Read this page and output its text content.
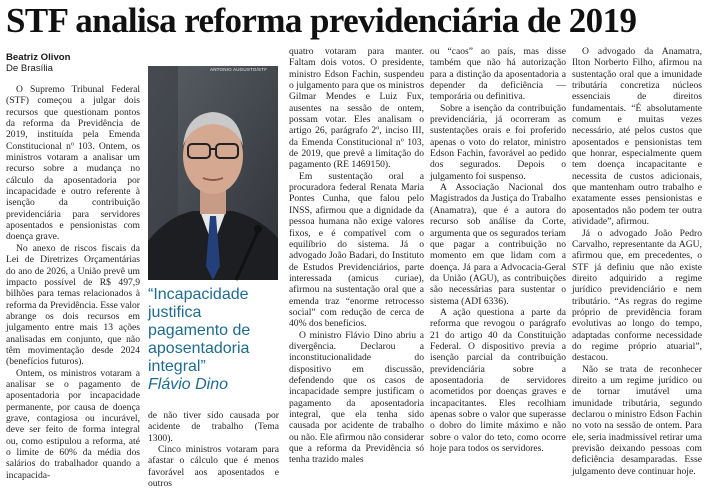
STF analisa reforma previdenciária de 2019
Beatriz Olivon
De Brasília

O Supremo Tribunal Federal (STF) começou a julgar dois recursos que questionam pontos da reforma da Previdência de 2019, instituída pela Emenda Constitucional nº 103. Ontem, os ministros votaram a analisar um recurso sobre a mudança no cálculo da aposentadoria por incapacidade e outro referente à isenção da contribuição previdenciária para servidores aposentados e pensionistas com doença grave.

No anexo de riscos fiscais da Lei de Diretrizes Orçamentárias do ano de 2026, a União prevê um impacto possível de R$ 497,9 bilhões para temas relacionados à reforma da Previdência. Esse valor abrange os dois recursos em julgamento entre mais 13 ações analisadas em conjunto, que não têm movimentação desde 2024 (benefícios futuros).

Ontem, os ministros votaram a analisar se o pagamento de aposentadoria por incapacidade permanente, por causa de doença grave, contagiosa ou incurável, deve ser feito de forma integral ou, como estipulou a reforma, até o limite de 60% da média dos salários do trabalhador quando a incapacida-

ANTONIO AUGUSTO/STF
“Incapacidade justifica pagamento de aposentadoria integral”
Flávio Dino

de não tiver sido causada por acidente de trabalho (Tema 1300).

Cinco ministros votaram para afastar o cálculo que é menos favorável aos aposentados e outros

quatro votaram para manter. Faltam dois votos. O presidente, ministro Edson Fachin, suspendeu o julgamento para que os ministros Gilmar Mendes e Luiz Fux, ausentes na sessão de ontem, possam votar. Eles analisam o artigo 26, parágrafo 2º, inciso III, da Emenda Constitucional nº 103, de 2019, que prevê a limitação do pagamento (RE 1469150).

Em sustentação oral a procuradora federal Renata Maria Pontes Cunha, que falou pelo INSS, afirmou que a dignidade da pessoa humana não exige valores fixos, e é compatível com o equilíbrio do sistema. Já o advogado João Badari, do Instituto de Estudos Previdenciários, parte interessada (amicus curiae), afirmou na sustentação oral que a emenda traz “enorme retrocesso social” com redução de cerca de 40% dos benefícios.

O ministro Flávio Dino abriu a divergência. Declarou a inconstitucionalidade do dispositivo em discussão, defendendo que os casos de incapacidade sempre justificam o pagamento da aposentadoria integral, que ela tenha sido causada por acidente de trabalho ou não. Ele afirmou não considerar que a reforma da Previdência só tenha trazido males

ou “caos” ao país, mas disse também que não há autorização para a distinção da aposentadoria a depender da deficiência — temporária ou definitiva.

Sobre a isenção da contribuição previdenciária, já ocorreram as sustentações orais e foi proferido apenas o voto do relator, ministro Edson Fachin, favorável ao pedido dos segurados. Depois o julgamento foi suspenso.

A Associação Nacional dos Magistrados da Justiça do Trabalho (Anamatra), que é a autora do recurso sob análise da Corte, argumenta que os segurados teriam que pagar a contribuição no momento em que lidam com a doença. Já para a Advocacia-Geral da União (AGU), as contribuições são necessárias para sustentar o sistema (ADI 6336).

A ação questiona a parte da reforma que revogou o parágrafo 21 do artigo 40 da Constituição Federal. O dispositivo previa a isenção parcial da contribuição previdenciária sobre a aposentadoria de servidores acometidos por doenças graves e incapacitantes. Eles recolhiam apenas sobre o valor que superasse o dobro do limite máximo e não sobre o valor do teto, como ocorre hoje para todos os servidores.

O advogado da Anamatra, Ilton Norberto Filho, afirmou na sustentação oral que a imunidade tributária concretiza núcleos essenciais de direitos fundamentais. “É absolutamente comum e muitas vezes necessário, até pelos custos que aposentados e pensionistas tem que honrar, especialmente quem tem doença incapacitante e necessita de custos adicionais, que mantenham outro trabalho e exatamente esses pensionistas e aposentados não podem ter outra atividade”, afirmou.

Já o advogado João Pedro Carvalho, representante da AGU, afirmou que, em precedentes, o STF já definiu que não existe direito adquirido a regime jurídico previdenciário e nem tributário. “As regras do regime próprio de previdência foram evolutivas ao longo do tempo, adaptadas conforme necessidade do regime próprio atuarial”, destacou.

Não se trata de reconhecer direito a um regime jurídico ou de tornar imutável uma imunidade tributária, segundo declarou o ministro Edson Fachin no voto na sessão de ontem. Para ele, seria inadmissível retirar uma previsão deixando pessoas com deficiência desamparadas. Esse julgamento deve continuar hoje.
